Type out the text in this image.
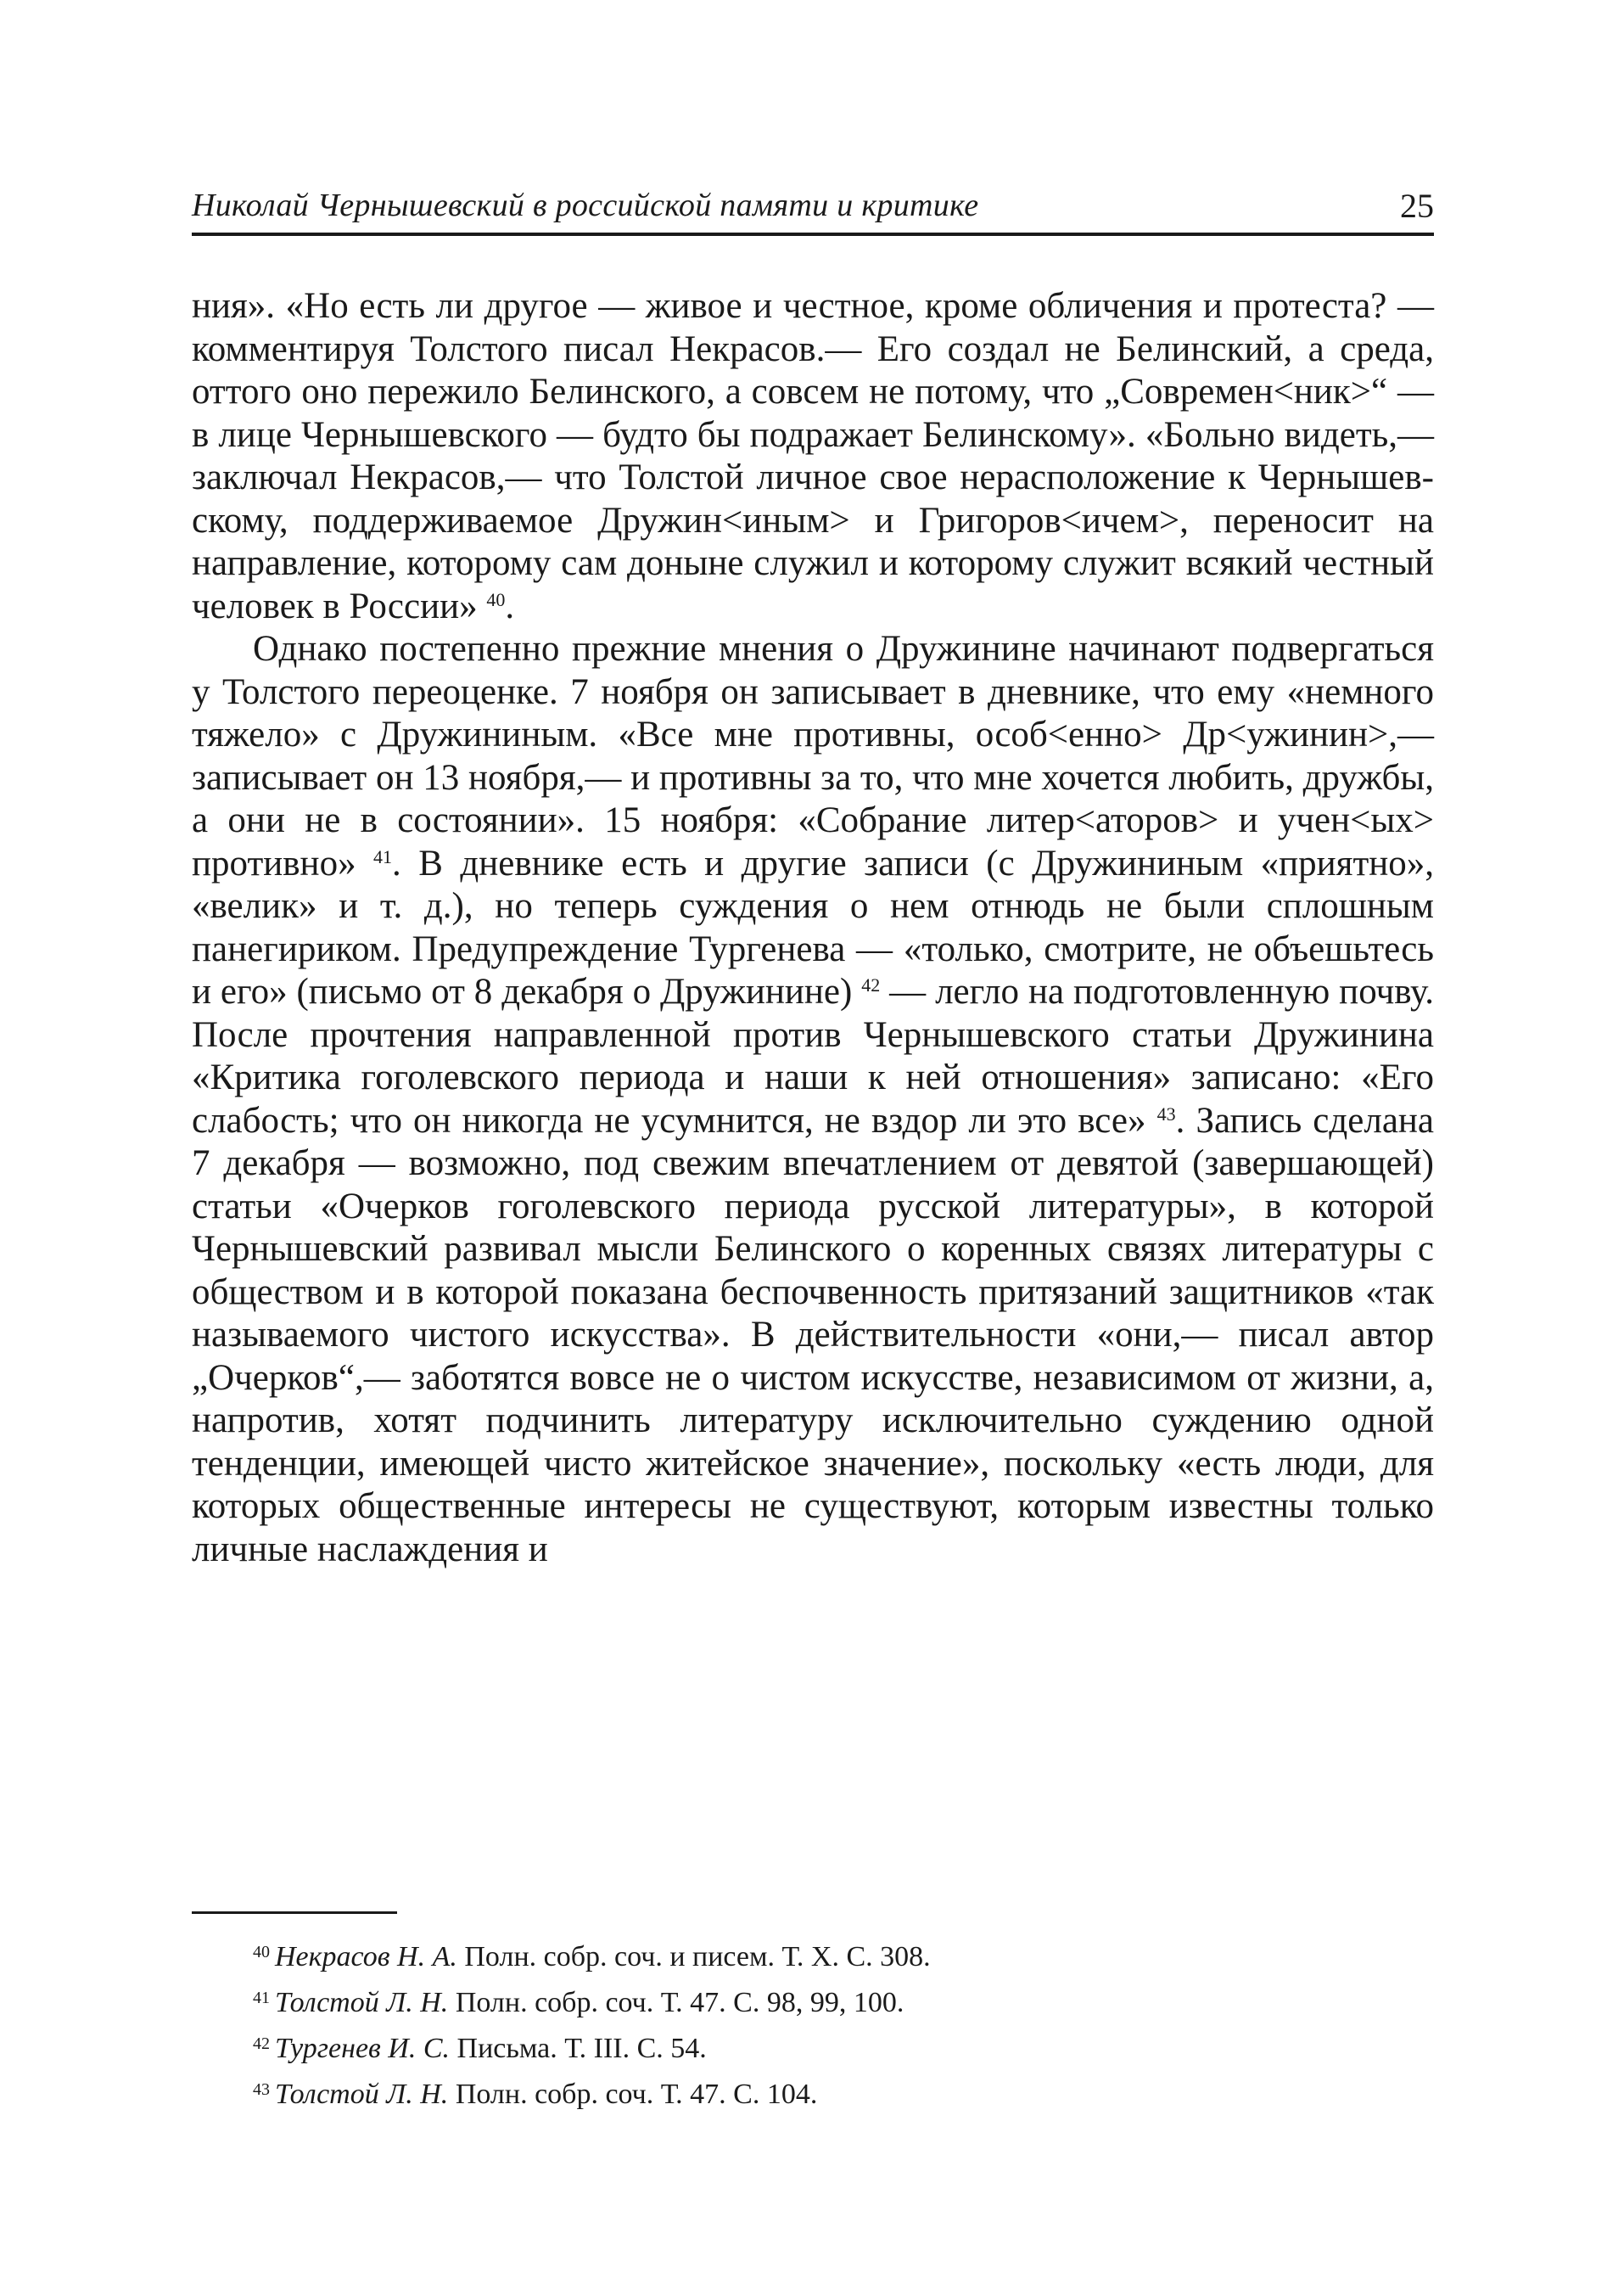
Николай Чернышевский в российской памяти и критике	25

ния». «Но есть ли другое — живое и честное, кроме обличения и протеста? — комментируя Толстого писал Некрасов.— Его создал не Белинский, а среда, оттого оно пережило Белинского, а совсем не потому, что „Современ<ник>“ — в лице Чернышевского — будто бы подражает Белинскому». «Больно видеть,— заключал Некрасов,— что Толстой личное свое нерасположение к Чернышевскому, поддерживаемое Дружин<иным> и Григоров<ичем>, переносит на направление, которому сам доныне служил и которому служит всякий честный человек в России» $^{40}$.

Однако постепенно прежние мнения о Дружинине начинают подвергаться у Толстого переоценке. 7 ноября он записывает в дневнике, что ему «немного тяжело» с Дружининым. «Все мне противны, особ<енно> Др<ужинин>,— записывает он 13 ноября,— и противны за то, что мне хочется любить, дружбы, а они не в состоянии». 15 ноября: «Собрание литер<аторов> и учен<ых> противно» $^{41}$. В дневнике есть и другие записи (с Дружининым «приятно», «велик» и т. д.), но теперь суждения о нем отнюдь не были сплошным панегириком. Предупреждение Тургенева — «только, смотрите, не объешьтесь и его» (письмо от 8 декабря о Дружинине) $^{42}$ — легло на подготовленную почву. После прочтения направленной против Чернышевского статьи Дружинина «Критика гоголевского периода и наши к ней отношения» записано: «Его слабость; что он никогда не усумнится, не вздор ли это все» $^{43}$. Запись сделана 7 декабря — возможно, под свежим впечатлением от девятой (завершающей) статьи «Очерков гоголевского периода русской литературы», в которой Чернышевский развивал мысли Белинского о коренных связях литературы с обществом и в которой показана беспочвенность притязаний защитников «так называемого чистого искусства». В действительности «они,— писал автор „Очерков“,— заботятся вовсе не о чистом искусстве, независимом от жизни, а, напротив, хотят подчинить литературу исключительно суждению одной тенденции, имеющей чисто житейское значение», поскольку «есть люди, для которых общественные интересы не существуют, которым известны только личные наслаждения и

40 Некрасов Н. А. Полн. собр. соч. и писем. Т. X. С. 308.
41 Толстой Л. Н. Полн. собр. соч. Т. 47. С. 98, 99, 100.
42 Тургенев И. С. Письма. Т. III. С. 54.
43 Толстой Л. Н. Полн. собр. соч. Т. 47. С. 104.
